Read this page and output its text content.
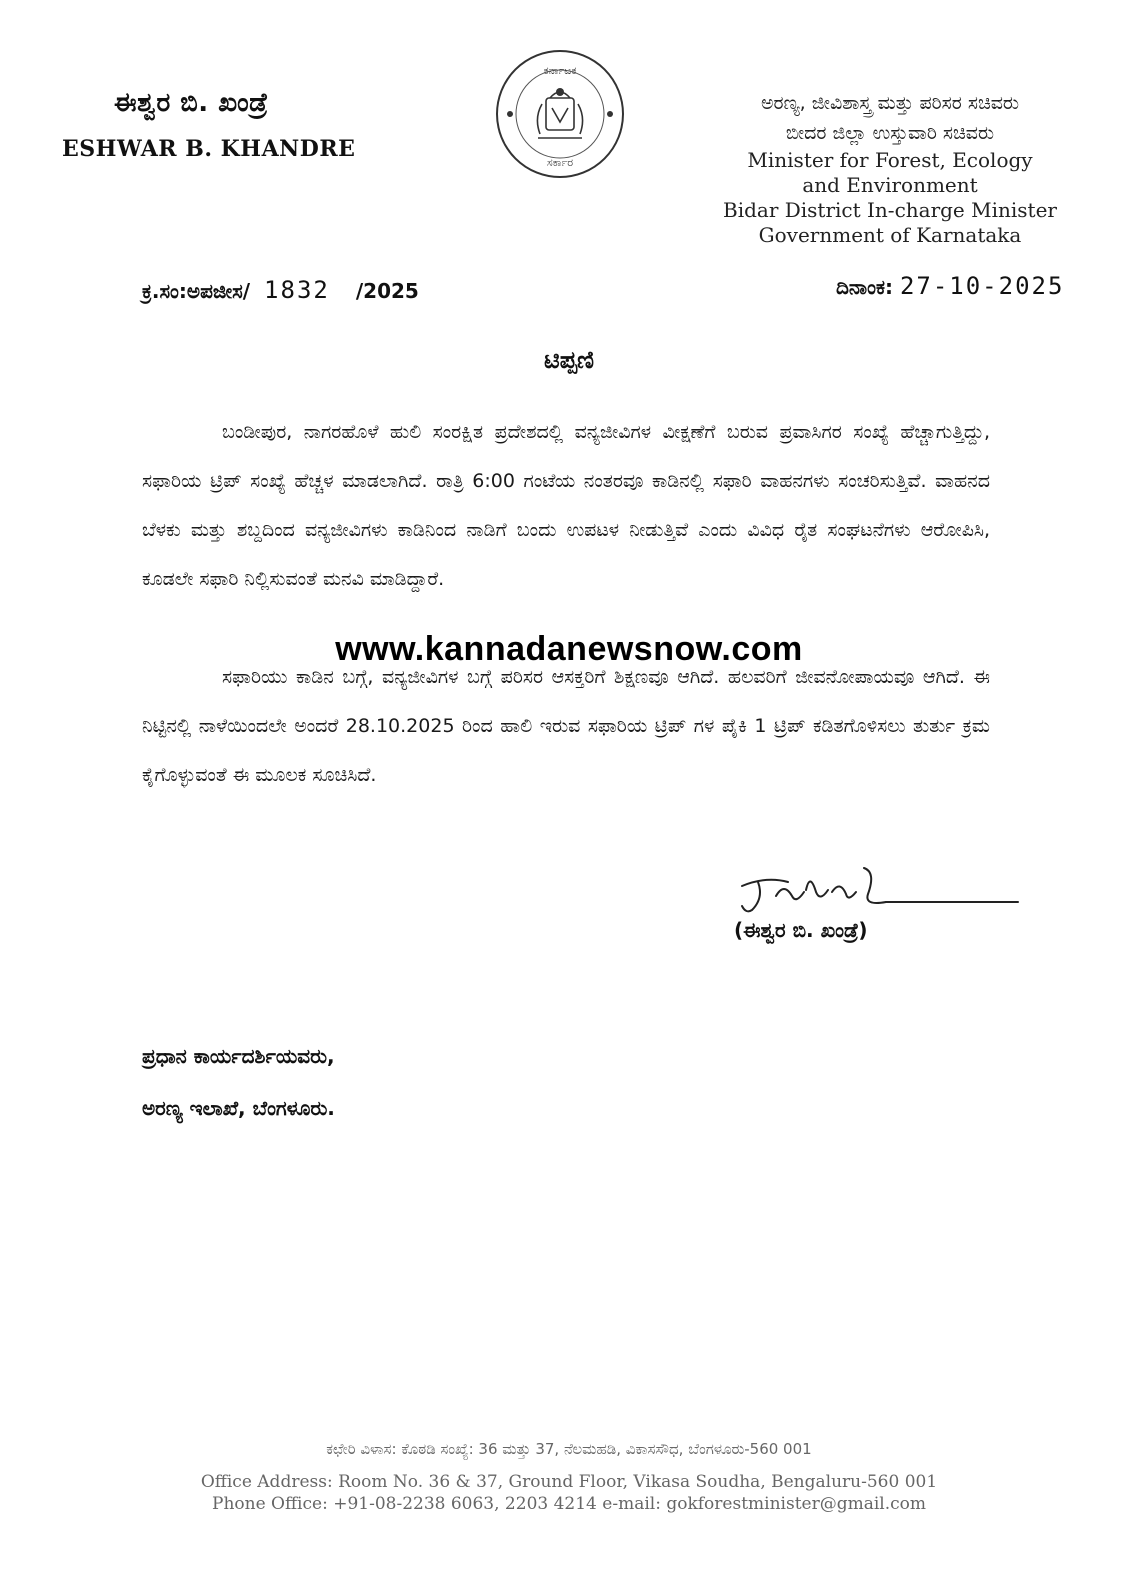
ಈಶ್ವರ ಬಿ. ಖಂಡ್ರೆ
ESHWAR B. KHANDRE
ಕರ್ನಾಟಕ
ಸರ್ಕಾರ
ಅರಣ್ಯ, ಜೀವಿಶಾಸ್ತ್ರ ಮತ್ತು ಪರಿಸರ ಸಚಿವರು
ಬೀದರ ಜಿಲ್ಲಾ ಉಸ್ತುವಾರಿ ಸಚಿವರು
Minister for Forest, Ecology
and Environment
Bidar District In-charge Minister
Government of Karnataka
ಕ್ರ.ಸಂ:ಅಪಜೀಸ/ 1832 /2025	ದಿನಾಂಕ: 27-10-2025
ಟಿಪ್ಪಣಿ
ಬಂಡೀಪುರ, ನಾಗರಹೊಳೆ ಹುಲಿ ಸಂರಕ್ಷಿತ ಪ್ರದೇಶದಲ್ಲಿ ವನ್ಯಜೀವಿಗಳ ವೀಕ್ಷಣೆಗೆ ಬರುವ ಪ್ರವಾಸಿಗರ ಸಂಖ್ಯೆ ಹೆಚ್ಚಾಗುತ್ತಿದ್ದು, ಸಫಾರಿಯ ಟ್ರಿಪ್ ಸಂಖ್ಯೆ ಹೆಚ್ಚಳ ಮಾಡಲಾಗಿದೆ. ರಾತ್ರಿ 6:00 ಗಂಟೆಯ ನಂತರವೂ ಕಾಡಿನಲ್ಲಿ ಸಫಾರಿ ವಾಹನಗಳು ಸಂಚರಿಸುತ್ತಿವೆ. ವಾಹನದ ಬೆಳಕು ಮತ್ತು ಶಬ್ದದಿಂದ ವನ್ಯಜೀವಿಗಳು ಕಾಡಿನಿಂದ ನಾಡಿಗೆ ಬಂದು ಉಪಟಳ ನೀಡುತ್ತಿವೆ ಎಂದು ವಿವಿಧ ರೈತ ಸಂಘಟನೆಗಳು ಆರೋಪಿಸಿ, ಕೂಡಲೇ ಸಫಾರಿ ನಿಲ್ಲಿಸುವಂತೆ ಮನವಿ ಮಾಡಿದ್ದಾರೆ.
ಸಫಾರಿಯು ಕಾಡಿನ ಬಗ್ಗೆ, ವನ್ಯಜೀವಿಗಳ ಬಗ್ಗೆ ಪರಿಸರ ಆಸಕ್ತರಿಗೆ ಶಿಕ್ಷಣವೂ ಆಗಿದೆ. ಹಲವರಿಗೆ ಜೀವನೋಪಾಯವೂ ಆಗಿದೆ. ಈ ನಿಟ್ಟಿನಲ್ಲಿ ನಾಳೆಯಿಂದಲೇ ಅಂದರೆ 28.10.2025 ರಿಂದ ಹಾಲಿ ಇರುವ ಸಫಾರಿಯ ಟ್ರಿಪ್ ಗಳ ಪೈಕಿ 1 ಟ್ರಿಪ್ ಕಡಿತಗೊಳಿಸಲು ತುರ್ತು ಕ್ರಮ ಕೈಗೊಳ್ಳುವಂತೆ ಈ ಮೂಲಕ ಸೂಚಿಸಿದೆ.
www.kannadanewsnow.com
(ಈಶ್ವರ ಬಿ. ಖಂಡ್ರೆ)
ಪ್ರಧಾನ ಕಾರ್ಯದರ್ಶಿಯವರು,
ಅರಣ್ಯ ಇಲಾಖೆ, ಬೆಂಗಳೂರು.
ಕಛೇರಿ ವಿಳಾಸ: ಕೊಠಡಿ ಸಂಖ್ಯೆ: 36 ಮತ್ತು 37, ನೆಲಮಹಡಿ, ವಿಕಾಸಸೌಧ, ಬೆಂಗಳೂರು-560 001
Office Address: Room No. 36 & 37, Ground Floor, Vikasa Soudha, Bengaluru-560 001
Phone Office: +91-08-2238 6063, 2203 4214 e-mail: gokforestminister@gmail.com
